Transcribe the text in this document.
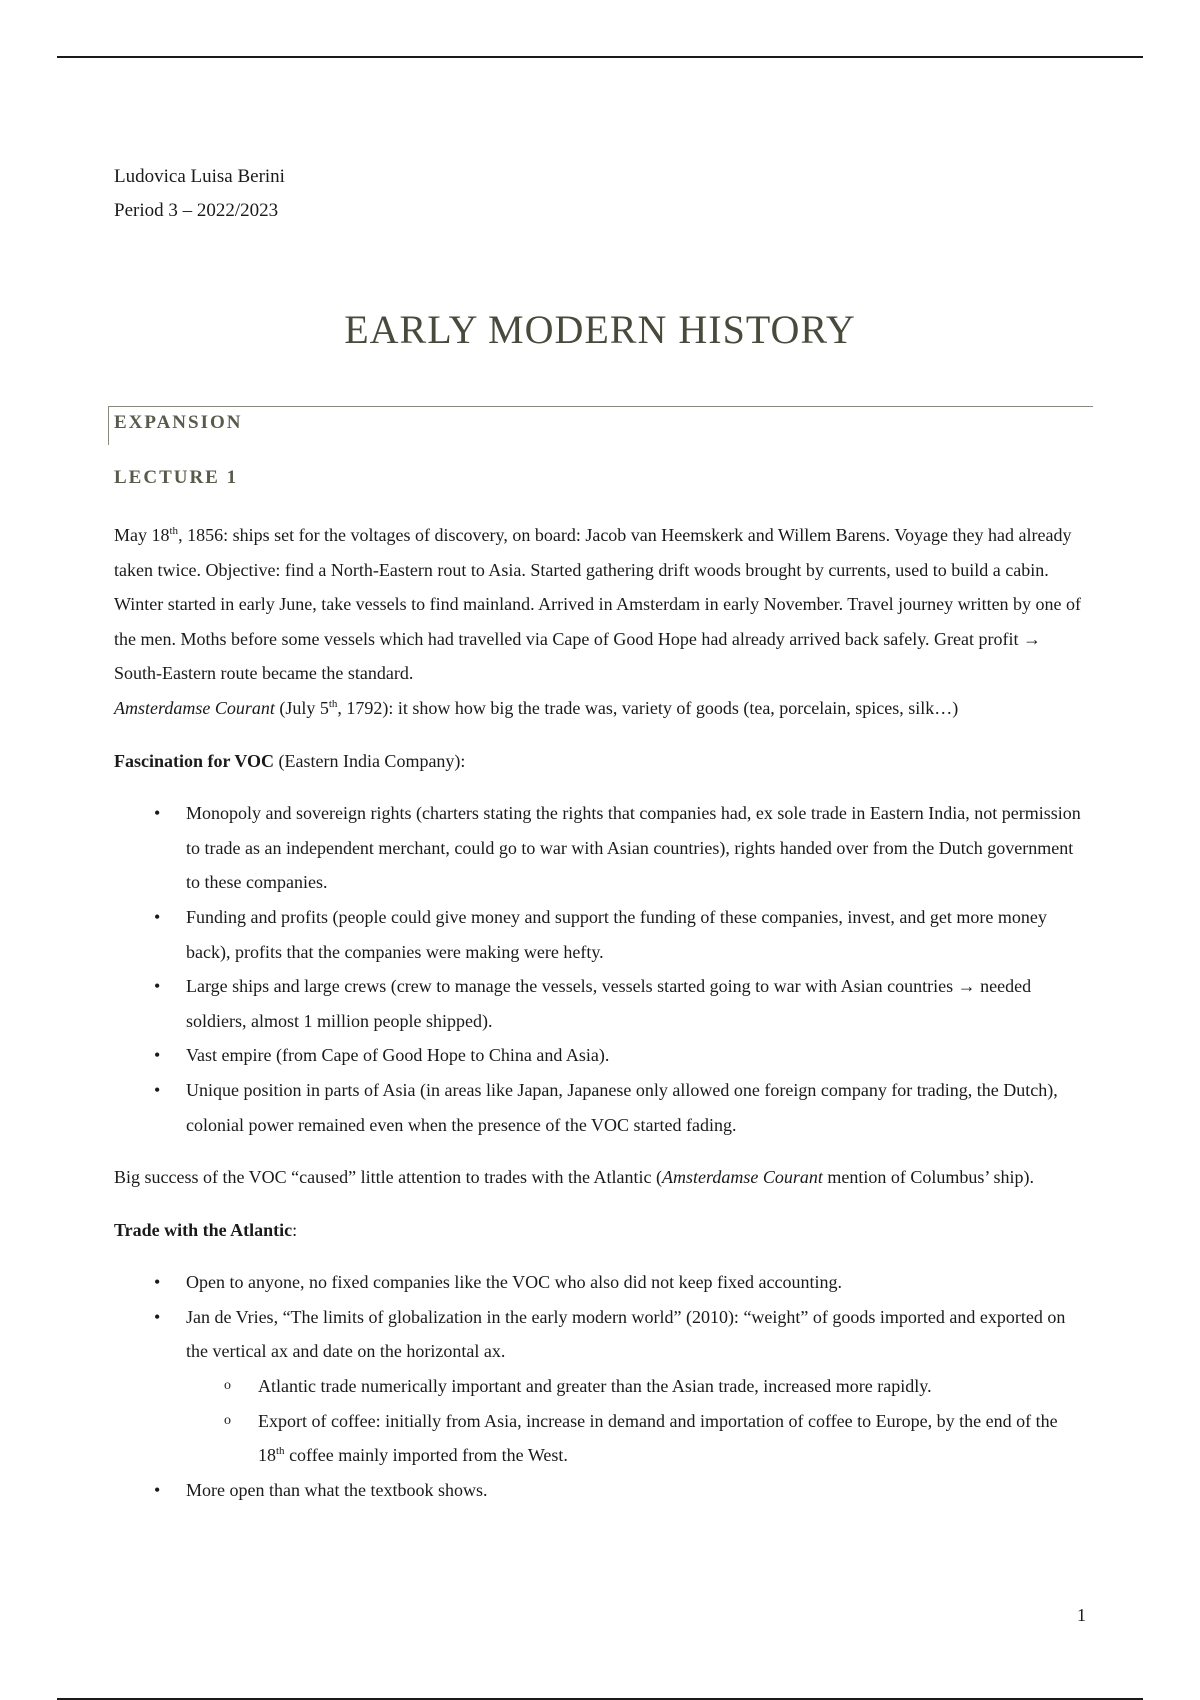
Ludovica Luisa Berini

Period 3 – 2022/2023

EARLY MODERN HISTORY
EXPANSION
LECTURE 1

May 18th, 1856: ships set for the voltages of discovery, on board: Jacob van Heemskerk and Willem Barens. Voyage they had already taken twice. Objective: find a North-Eastern rout to Asia. Started gathering drift woods brought by currents, used to build a cabin. Winter started in early June, take vessels to find mainland. Arrived in Amsterdam in early November. Travel journey written by one of the men. Moths before some vessels which had travelled via Cape of Good Hope had already arrived back safely. Great profit → South-Eastern route became the standard.

Amsterdamse Courant (July 5th, 1792): it show how big the trade was, variety of goods (tea, porcelain, spices, silk…)

Fascination for VOC (Eastern India Company):

• Monopoly and sovereign rights (charters stating the rights that companies had, ex sole trade in Eastern India, not permission to trade as an independent merchant, could go to war with Asian countries), rights handed over from the Dutch government to these companies.
• Funding and profits (people could give money and support the funding of these companies, invest, and get more money back), profits that the companies were making were hefty.
• Large ships and large crews (crew to manage the vessels, vessels started going to war with Asian countries → needed soldiers, almost 1 million people shipped).
• Vast empire (from Cape of Good Hope to China and Asia).
• Unique position in parts of Asia (in areas like Japan, Japanese only allowed one foreign company for trading, the Dutch), colonial power remained even when the presence of the VOC started fading.

Big success of the VOC “caused” little attention to trades with the Atlantic (Amsterdamse Courant mention of Columbus’ ship).

Trade with the Atlantic:

• Open to anyone, no fixed companies like the VOC who also did not keep fixed accounting.
• Jan de Vries, “The limits of globalization in the early modern world” (2010): “weight” of goods imported and exported on the vertical ax and date on the horizontal ax.
o Atlantic trade numerically important and greater than the Asian trade, increased more rapidly.
o Export of coffee: initially from Asia, increase in demand and importation of coffee to Europe, by the end of the 18th coffee mainly imported from the West.
• More open than what the textbook shows.
1
